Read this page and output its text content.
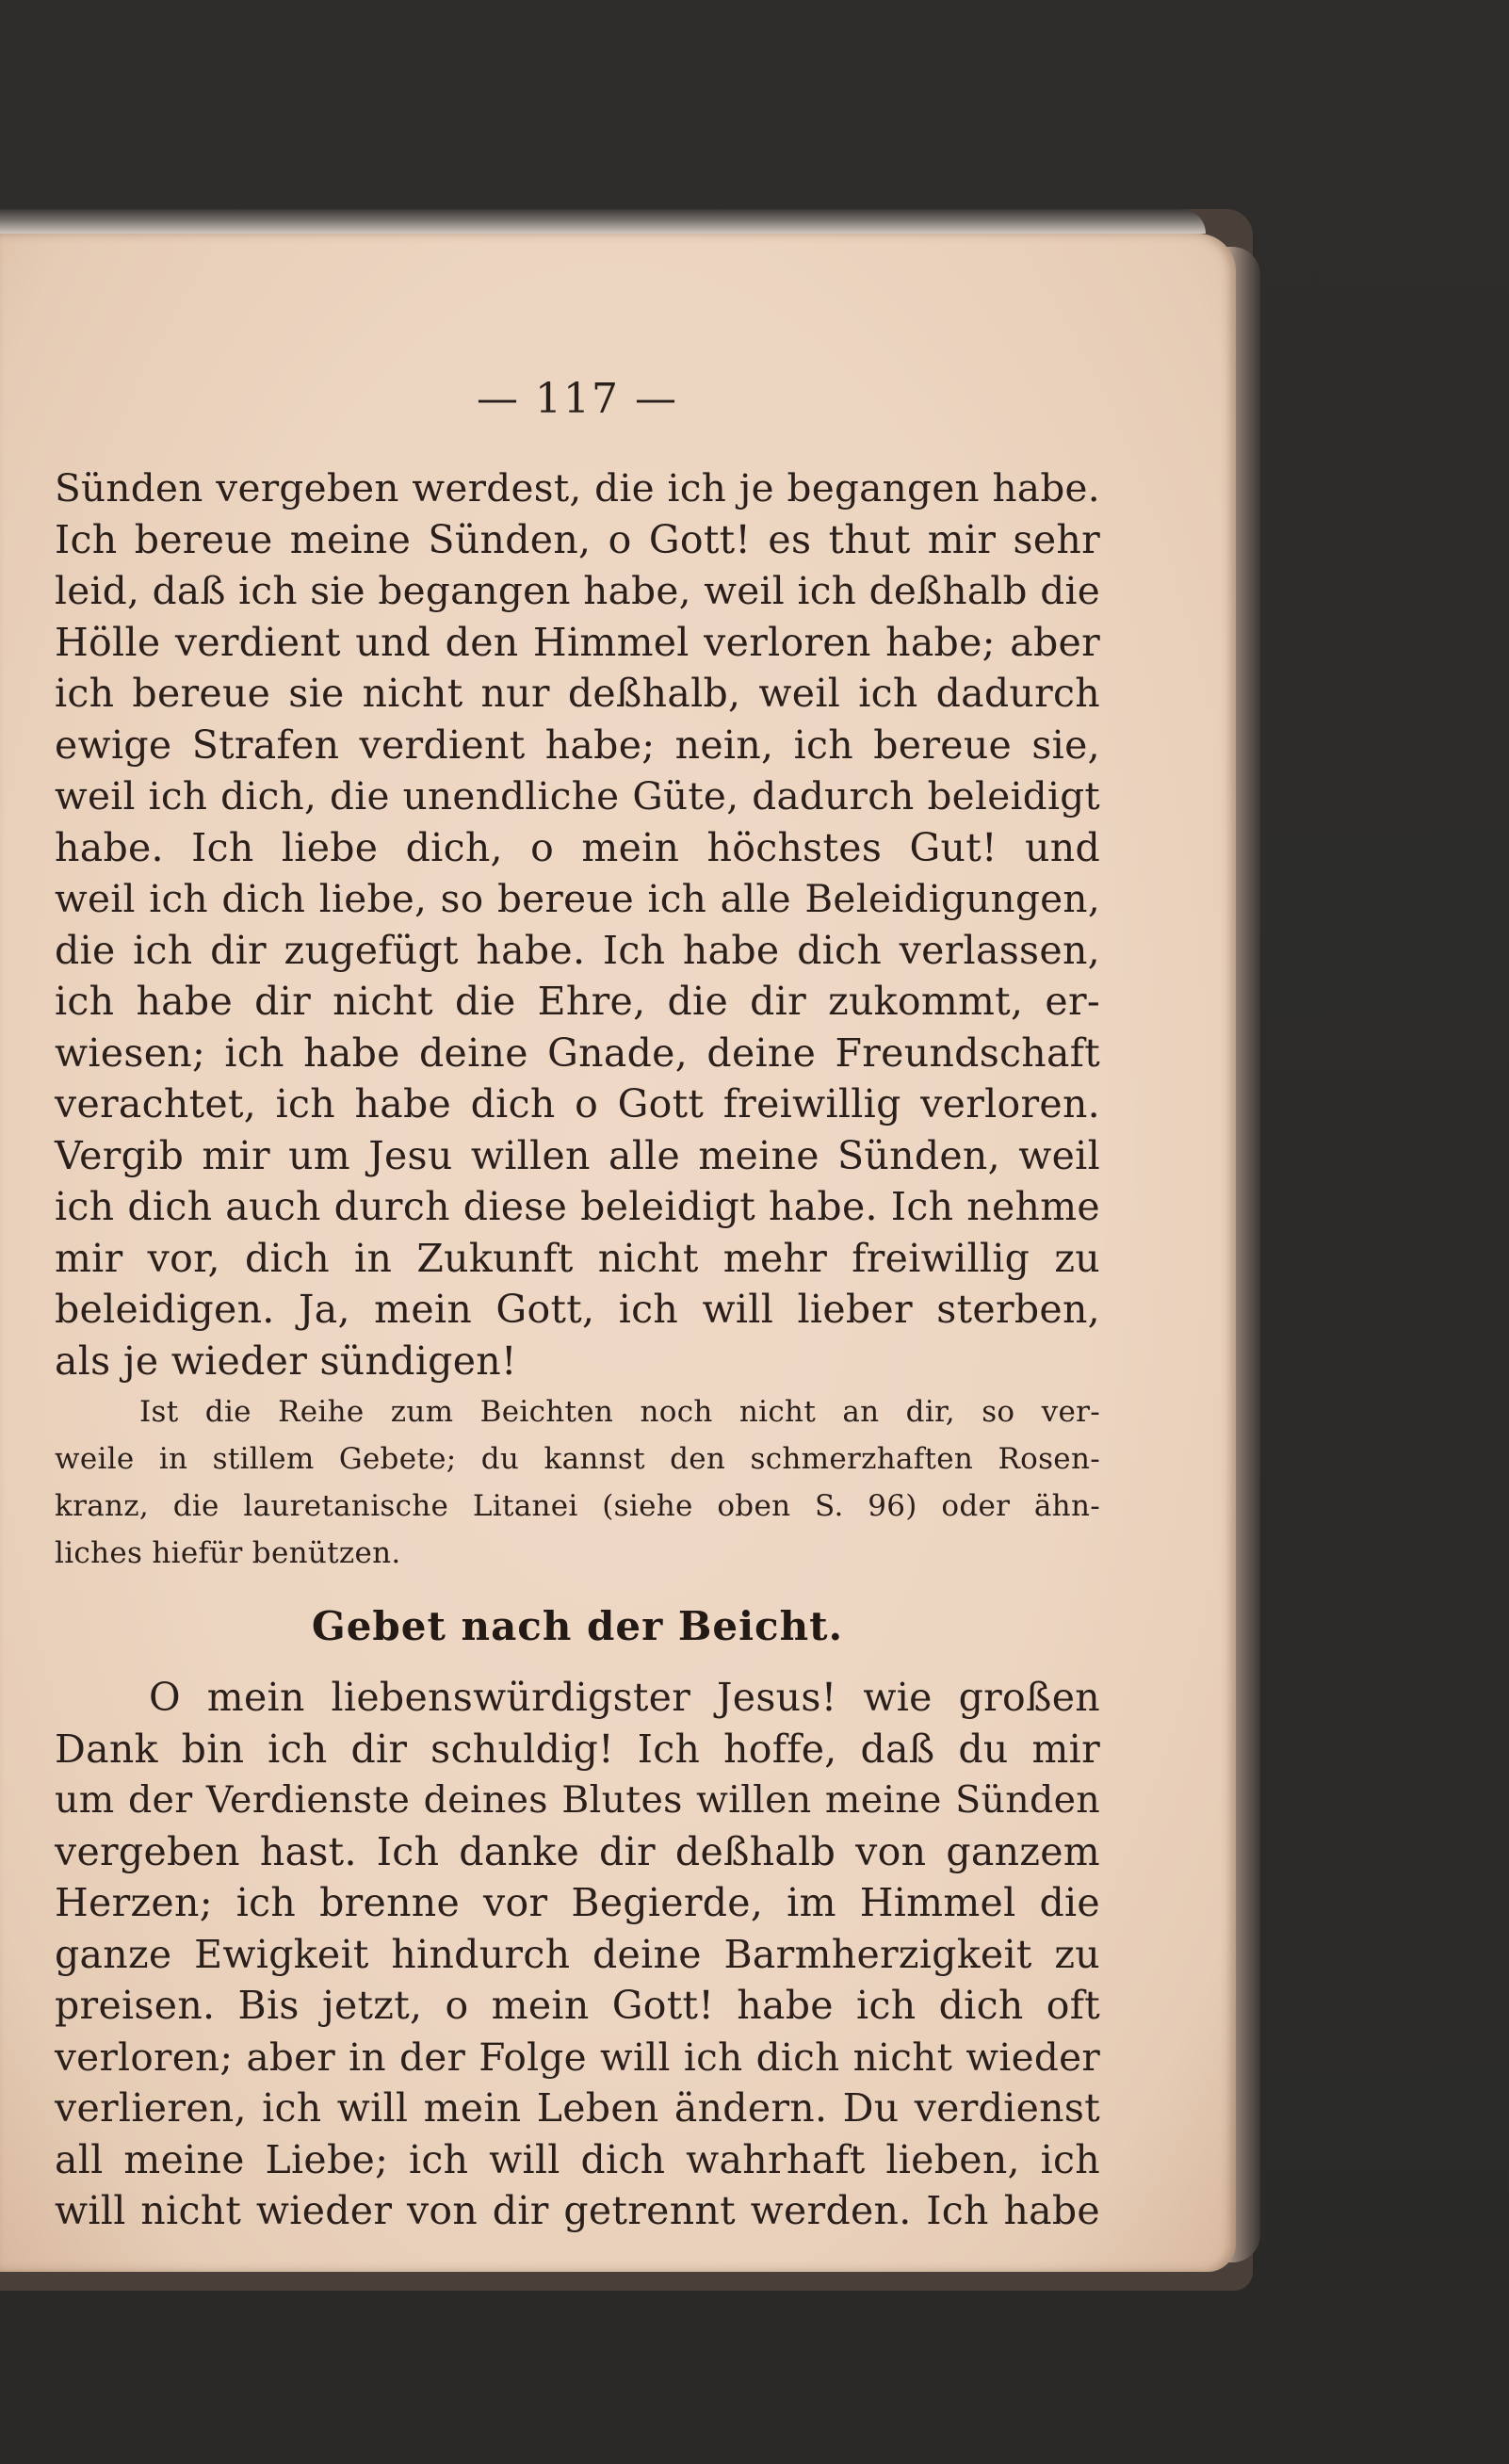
— 117 —
Sünden vergeben werdest, die ich je begangen habe.
Ich bereue meine Sünden, o Gott! es thut mir sehr
leid, daß ich sie begangen habe, weil ich deßhalb die
Hölle verdient und den Himmel verloren habe; aber
ich bereue sie nicht nur deßhalb, weil ich dadurch
ewige Strafen verdient habe; nein, ich bereue sie,
weil ich dich, die unendliche Güte, dadurch beleidigt
habe. Ich liebe dich, o mein höchstes Gut! und
weil ich dich liebe, so bereue ich alle Beleidigungen,
die ich dir zugefügt habe. Ich habe dich verlassen,
ich habe dir nicht die Ehre, die dir zukommt, er-
wiesen; ich habe deine Gnade, deine Freundschaft
verachtet, ich habe dich o Gott freiwillig verloren.
Vergib mir um Jesu willen alle meine Sünden, weil
ich dich auch durch diese beleidigt habe. Ich nehme
mir vor, dich in Zukunft nicht mehr freiwillig zu
beleidigen. Ja, mein Gott, ich will lieber sterben,
als je wieder sündigen!
Ist die Reihe zum Beichten noch nicht an dir, so ver-
weile in stillem Gebete; du kannst den schmerzhaften Rosen-
kranz, die lauretanische Litanei (siehe oben S. 96) oder ähn-
liches hiefür benützen.
Gebet nach der Beicht.
O mein liebenswürdigster Jesus! wie großen
Dank bin ich dir schuldig! Ich hoffe, daß du mir
um der Verdienste deines Blutes willen meine Sünden
vergeben hast. Ich danke dir deßhalb von ganzem
Herzen; ich brenne vor Begierde, im Himmel die
ganze Ewigkeit hindurch deine Barmherzigkeit zu
preisen. Bis jetzt, o mein Gott! habe ich dich oft
verloren; aber in der Folge will ich dich nicht wieder
verlieren, ich will mein Leben ändern. Du verdienst
all meine Liebe; ich will dich wahrhaft lieben, ich
will nicht wieder von dir getrennt werden. Ich habe
